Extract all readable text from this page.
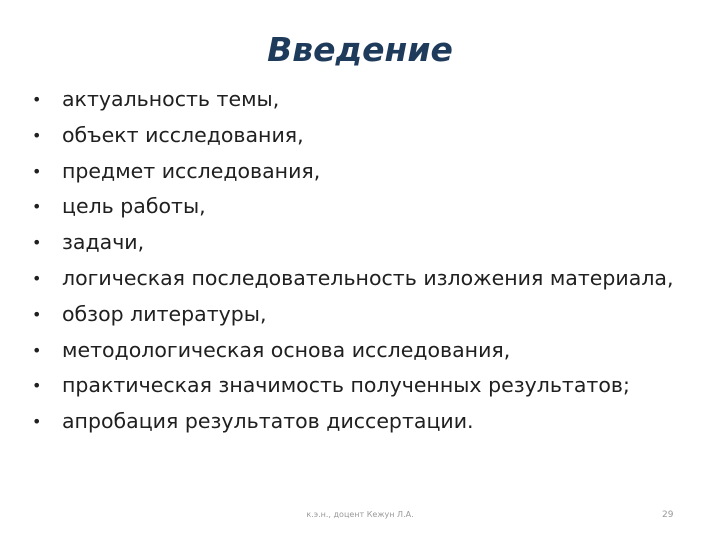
Введение
•	актуальность темы,
•	объект исследования,
•	предмет исследования,
•	цель работы,
•	задачи,
•	логическая последовательность изложения материала,
•	обзор литературы,
•	методологическая основа исследования,
•	практическая значимость полученных результатов;
•	апробация результатов диссертации.
к.э.н., доцент Кежун Л.А.	29
